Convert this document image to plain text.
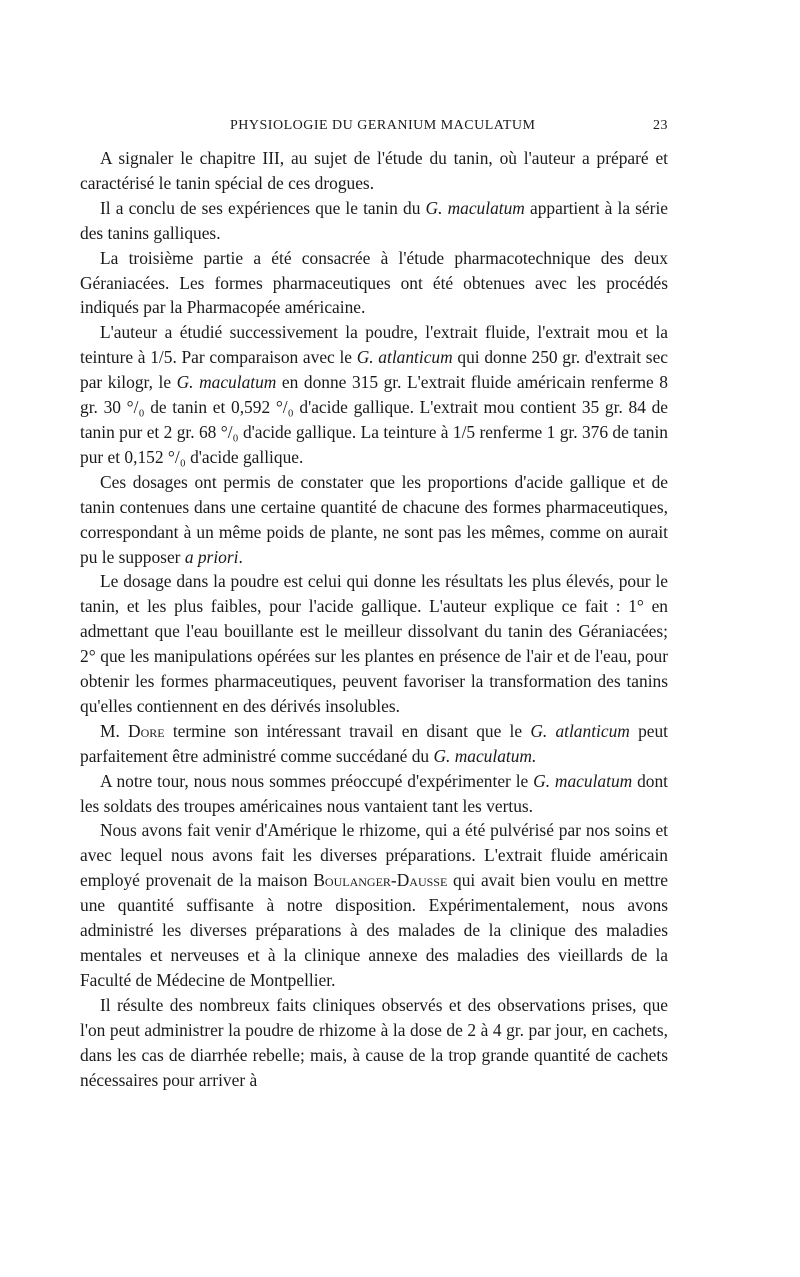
PHYSIOLOGIE DU GERANIUM MACULATUM	23

A signaler le chapitre III, au sujet de l'étude du tanin, où l'auteur a préparé et caractérisé le tanin spécial de ces drogues.

Il a conclu de ses expériences que le tanin du G. maculatum appartient à la série des tanins galliques.

La troisième partie a été consacrée à l'étude pharmacotechnique des deux Géraniacées. Les formes pharmaceutiques ont été obtenues avec les procédés indiqués par la Pharmacopée américaine.

L'auteur a étudié successivement la poudre, l'extrait fluide, l'extrait mou et la teinture à 1/5. Par comparaison avec le G. atlanticum qui donne 250 gr. d'extrait sec par kilogr, le G. maculatum en donne 315 gr. L'extrait fluide américain renferme 8 gr. 30 °/₀ de tanin et 0,592 °/₀ d'acide gallique. L'extrait mou contient 35 gr. 84 de tanin pur et 2 gr. 68 °/₀ d'acide gallique. La teinture à 1/5 renferme 1 gr. 376 de tanin pur et 0,152 °/₀ d'acide gallique.

Ces dosages ont permis de constater que les proportions d'acide gallique et de tanin contenues dans une certaine quantité de chacune des formes pharmaceutiques, correspondant à un même poids de plante, ne sont pas les mêmes, comme on aurait pu le supposer a priori.

Le dosage dans la poudre est celui qui donne les résultats les plus élevés, pour le tanin, et les plus faibles, pour l'acide gallique. L'auteur explique ce fait : 1° en admettant que l'eau bouillante est le meilleur dissolvant du tanin des Géraniacées; 2° que les manipulations opérées sur les plantes en présence de l'air et de l'eau, pour obtenir les formes pharmaceutiques, peuvent favoriser la transformation des tanins qu'elles contiennent en des dérivés insolubles.

M. Dore termine son intéressant travail en disant que le G. atlanticum peut parfaitement être administré comme succédané du G. maculatum.

A notre tour, nous nous sommes préoccupé d'expérimenter le G. maculatum dont les soldats des troupes américaines nous vantaient tant les vertus.

Nous avons fait venir d'Amérique le rhizome, qui a été pulvérisé par nos soins et avec lequel nous avons fait les diverses préparations. L'extrait fluide américain employé provenait de la maison Boulanger-Dausse qui avait bien voulu en mettre une quantité suffisante à notre disposition. Expérimentalement, nous avons administré les diverses préparations à des malades de la clinique des maladies mentales et nerveuses et à la clinique annexe des maladies des vieillards de la Faculté de Médecine de Montpellier.

Il résulte des nombreux faits cliniques observés et des observations prises, que l'on peut administrer la poudre de rhizome à la dose de 2 à 4 gr. par jour, en cachets, dans les cas de diarrhée rebelle; mais, à cause de la trop grande quantité de cachets nécessaires pour arriver à
